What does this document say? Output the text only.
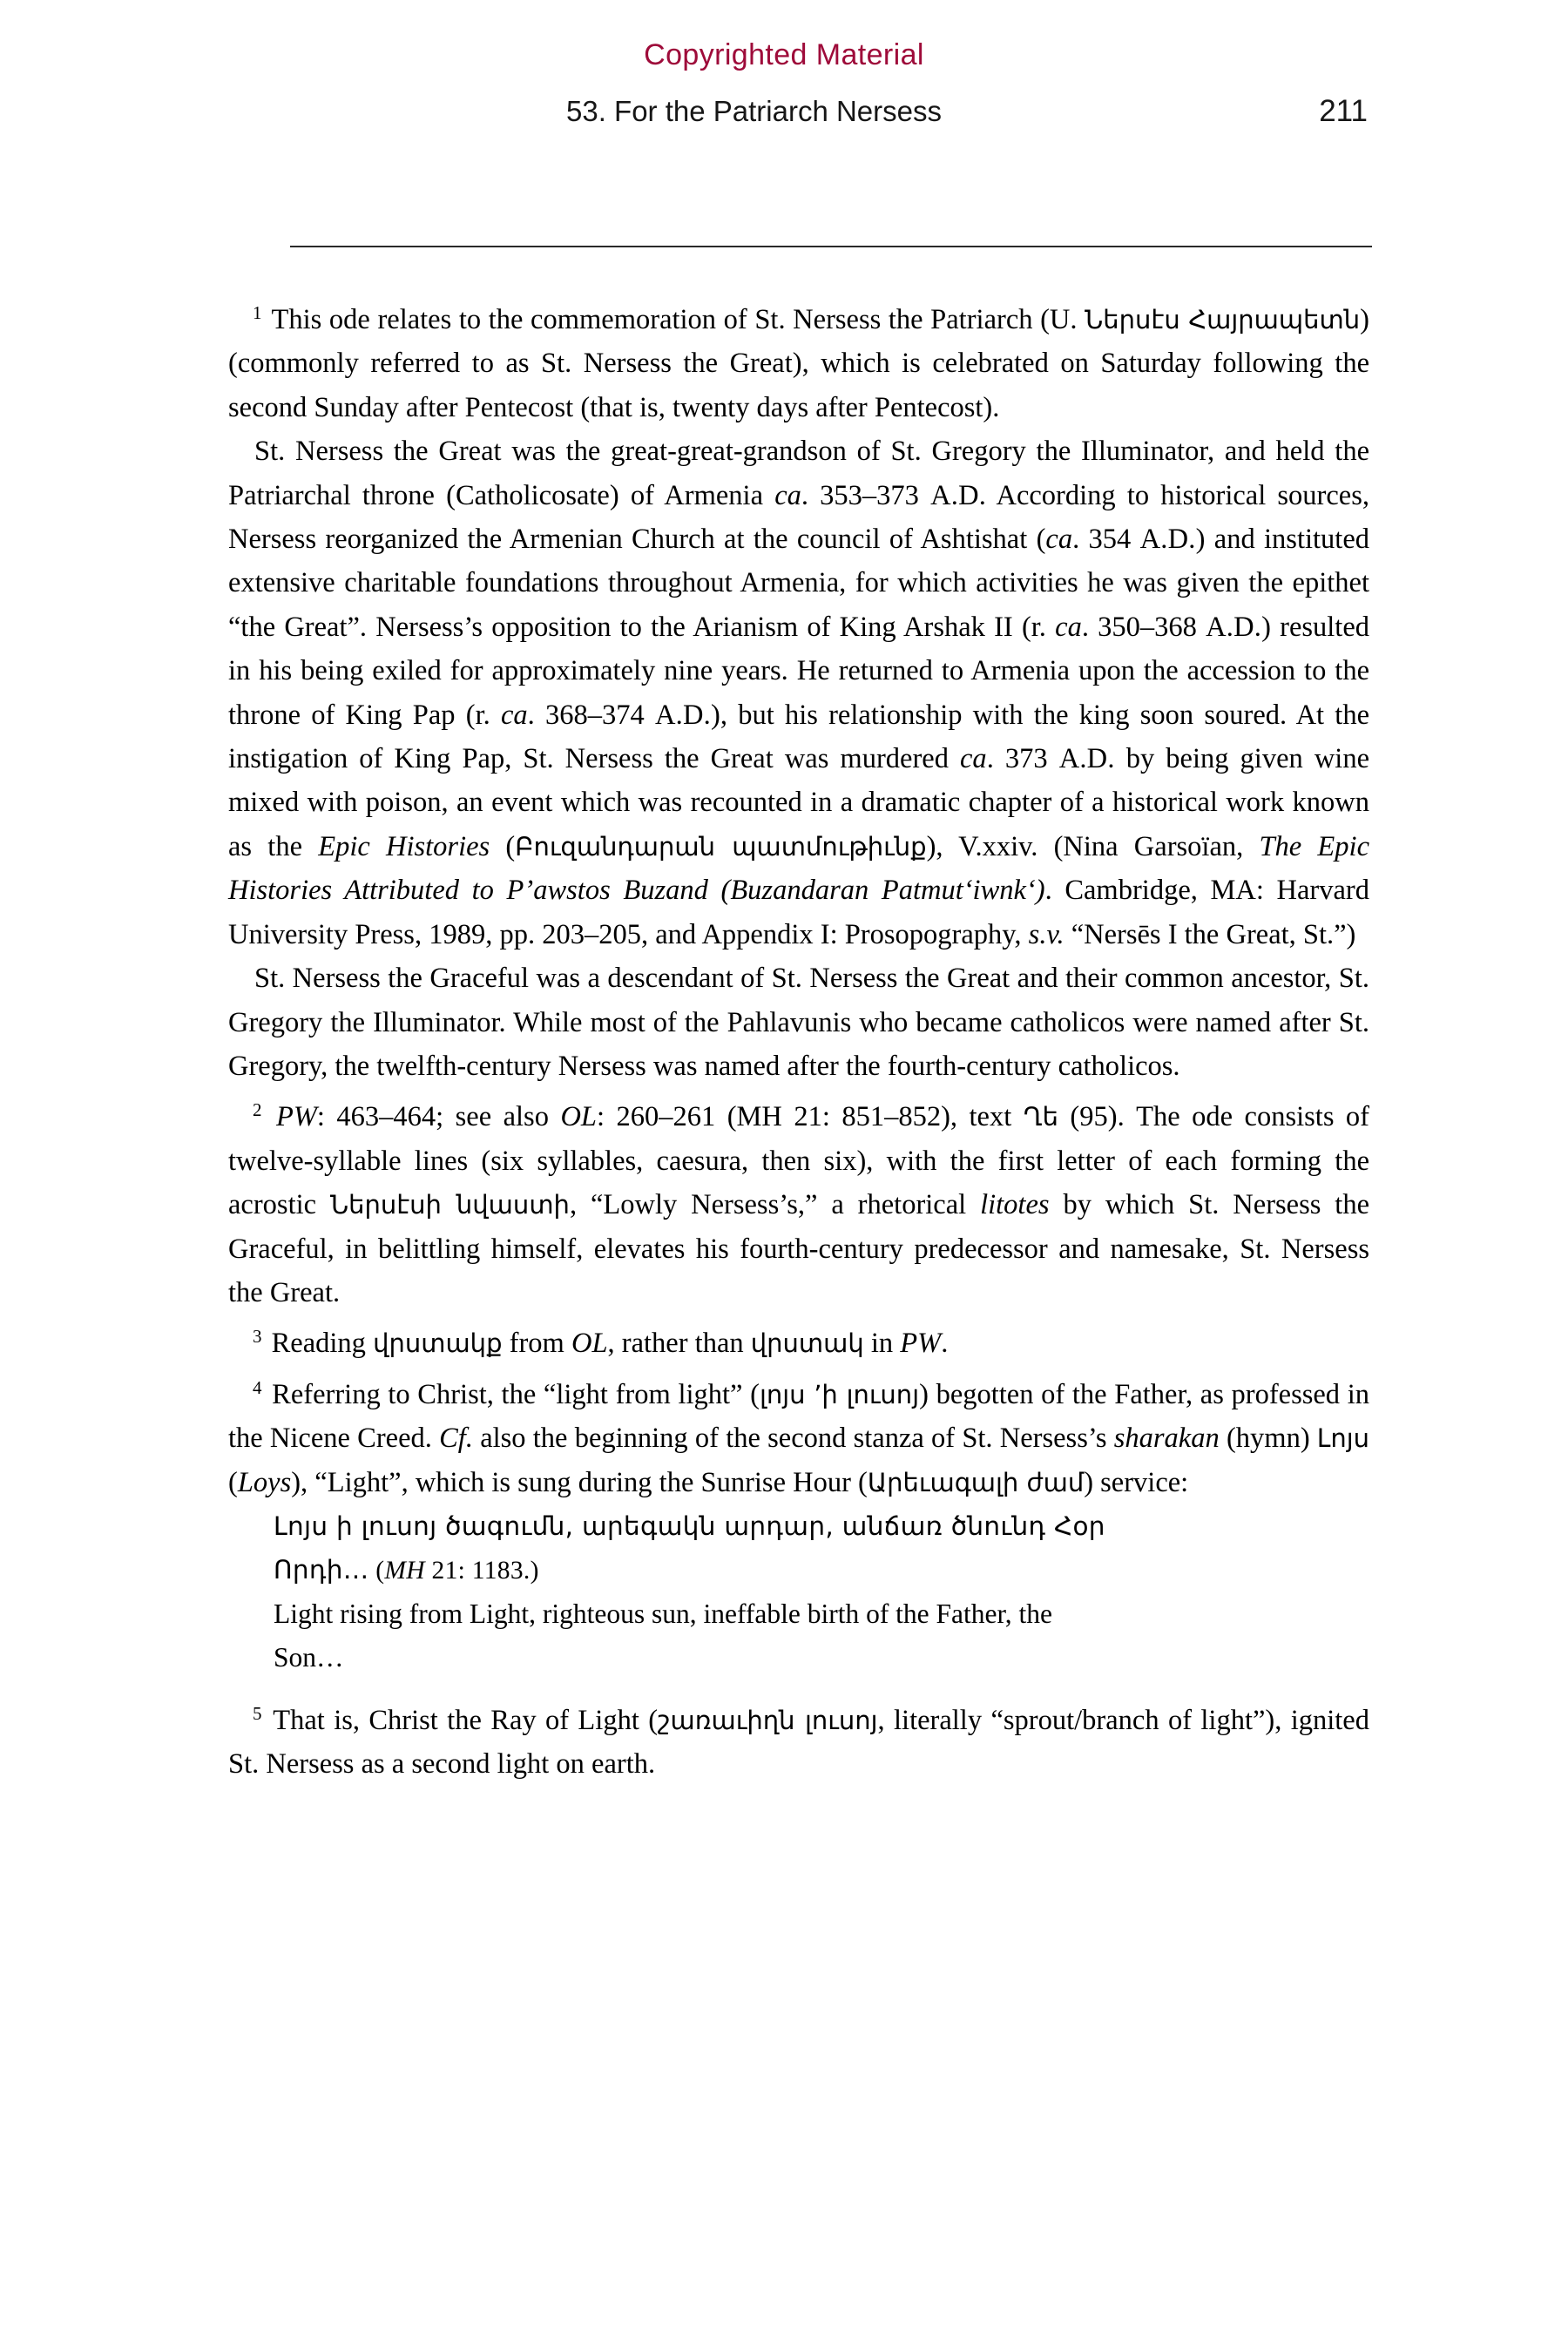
Copyrighted Material
53. For the Patriarch Nersess	211

$^1$ This ode relates to the commemoration of St. Nersess the Patriarch (U. Ներսէս Հայրապետն) (commonly referred to as St. Nersess the Great), which is celebrated on Saturday following the second Sunday after Pentecost (that is, twenty days after Pentecost).

St. Nersess the Great was the great-great-grandson of St. Gregory the Illuminator, and held the Patriarchal throne (Catholicosate) of Armenia ca. 353–373 A.D. According to historical sources, Nersess reorganized the Armenian Church at the council of Ashtishat (ca. 354 A.D.) and instituted extensive charitable foundations throughout Armenia, for which activities he was given the epithet “the Great”. Nersess’s opposition to the Arianism of King Arshak II (r. ca. 350–368 A.D.) resulted in his being exiled for approximately nine years. He returned to Armenia upon the accession to the throne of King Pap (r. ca. 368–374 A.D.), but his relationship with the king soon soured. At the instigation of King Pap, St. Nersess the Great was murdered ca. 373 A.D. by being given wine mixed with poison, an event which was recounted in a dramatic chapter of a historical work known as the Epic Histories (Բուզանդարան պատմութիւնք), V.xxiv. (Nina Garsoïan, The Epic Histories Attributed to P’awstos Buzand (Buzandaran Patmut‘iwnk‘). Cambridge, MA: Harvard University Press, 1989, pp. 203–205, and Appendix I: Prosopography, s.v. “Nersēs I the Great, St.”)

St. Nersess the Graceful was a descendant of St. Nersess the Great and their common ancestor, St. Gregory the Illuminator. While most of the Pahlavunis who became catholicos were named after St. Gregory, the twelfth-century Nersess was named after the fourth-century catholicos.

$^2$ PW: 463–464; see also OL: 260–261 (MH 21: 851–852), text Ղե (95). The ode consists of twelve-syllable lines (six syllables, caesura, then six), with the first letter of each forming the acrostic Ներսէսի նվաստի, “Lowly Nersess’s,” a rhetorical litotes by which St. Nersess the Graceful, in belittling himself, elevates his fourth-century predecessor and namesake, St. Nersess the Great.

$^3$ Reading վրստակք from OL, rather than վրստակ in PW.

$^4$ Referring to Christ, the “light from light” (լոյս ʼի լուսոյ) begotten of the Father, as professed in the Nicene Creed. Cf. also the beginning of the second stanza of St. Nersess’s sharakan (hymn) Լոյս (Loys), “Light”, which is sung during the Sunrise Hour (Արեւագալի ժամ) service:

Լոյս ի լուսոյ ծագումն, արեգակն արդար, անճառ ծնունդ Հօր

Որդի… (MH 21: 1183.)

Light rising from Light, righteous sun, ineffable birth of the Father, the

Son…

$^5$ That is, Christ the Ray of Light (շառաւիղն լուսոյ, literally “sprout/branch of light”), ignited St. Nersess as a second light on earth.
